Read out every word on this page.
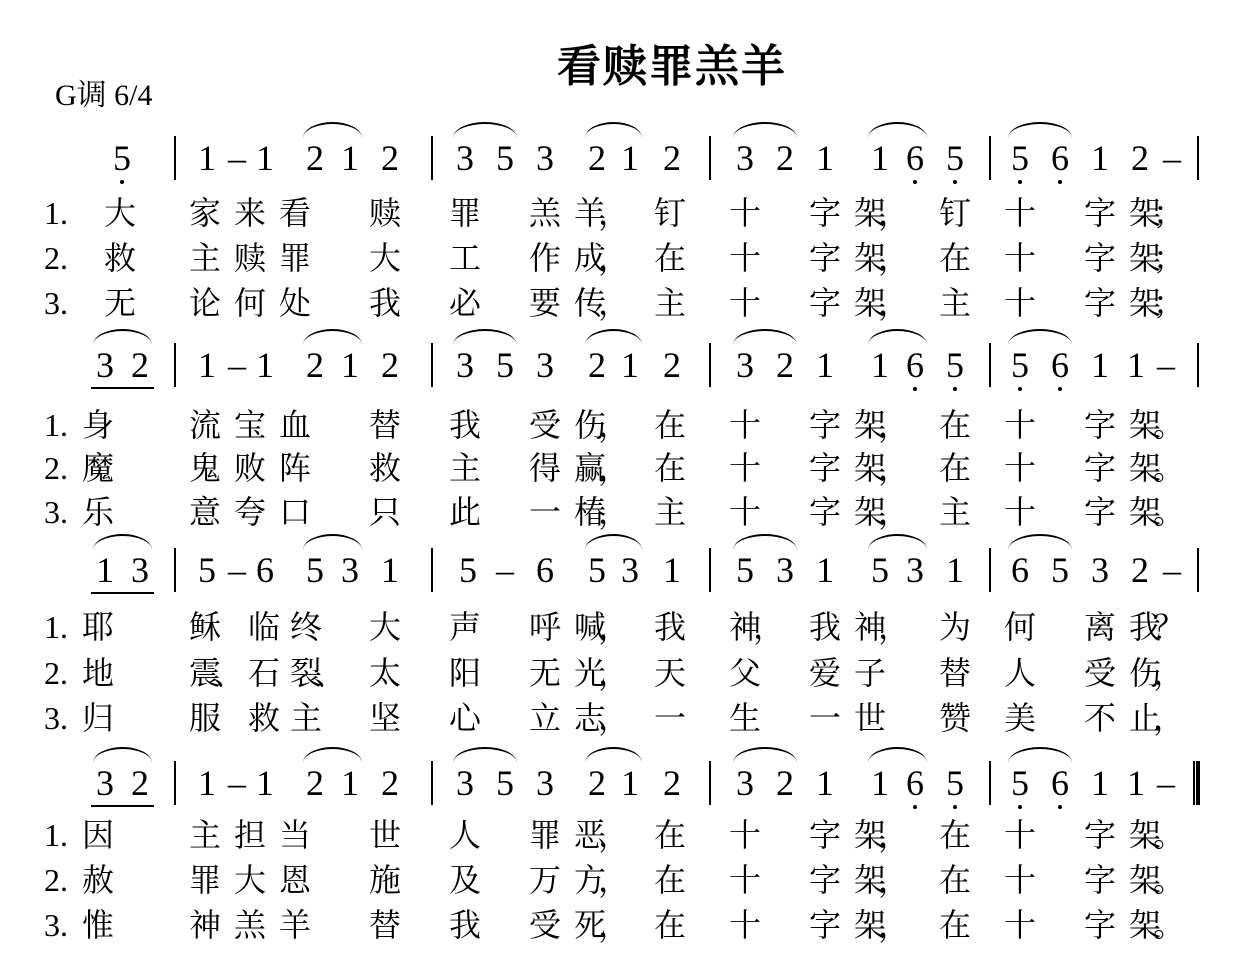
看赎罪羔羊
G调 6/4
5 1 – 1 2 1 2 3 5 3 2 1 2 3 2 1 1 6 5 5 6 1 2 –
1. 大 家 来 看 赎 罪 羔 羊， 钉 十 字 架， 钉 十 字 架；
2. 救 主 赎 罪 大 工 作 成， 在 十 字 架， 在 十 字 架；
3. 无 论 何 处 我 必 要 传， 主 十 字 架， 主 十 字 架；
3 2 1 – 1 2 1 2 3 5 3 2 1 2 3 2 1 1 6 5 5 6 1 1 –
1. 身 流 宝 血 替 我 受 伤， 在 十 字 架， 在 十 字 架。
2. 魔 鬼 败 阵 救 主 得 赢， 在 十 字 架， 在 十 字 架。
3. 乐 意 夸 口 只 此 一 椿， 主 十 字 架， 主 十 字 架。
1 3 5 – 6 5 3 1 5 – 6 5 3 1 5 3 1 5 3 1 6 5 3 2 –
1. 耶 稣 临 终 大 声 呼 喊， 我 神， 我 神， 为 何 离 我？
2. 地 震、 石 裂、 太 阳 无 光， 天 父 爱 子 替 人 受 伤，
3. 归 服 救 主 坚 心 立 志， 一 生 一 世 赞 美 不 止，
3 2 1 – 1 2 1 2 3 5 3 2 1 2 3 2 1 1 6 5 5 6 1 1 –
1. 因 主 担 当 世 人 罪 恶， 在 十 字 架， 在 十 字 架。
2. 赦 罪 大 恩 施 及 万 方， 在 十 字 架， 在 十 字 架。
3. 惟 神 羔 羊 替 我 受 死， 在 十 字 架， 在 十 字 架。
